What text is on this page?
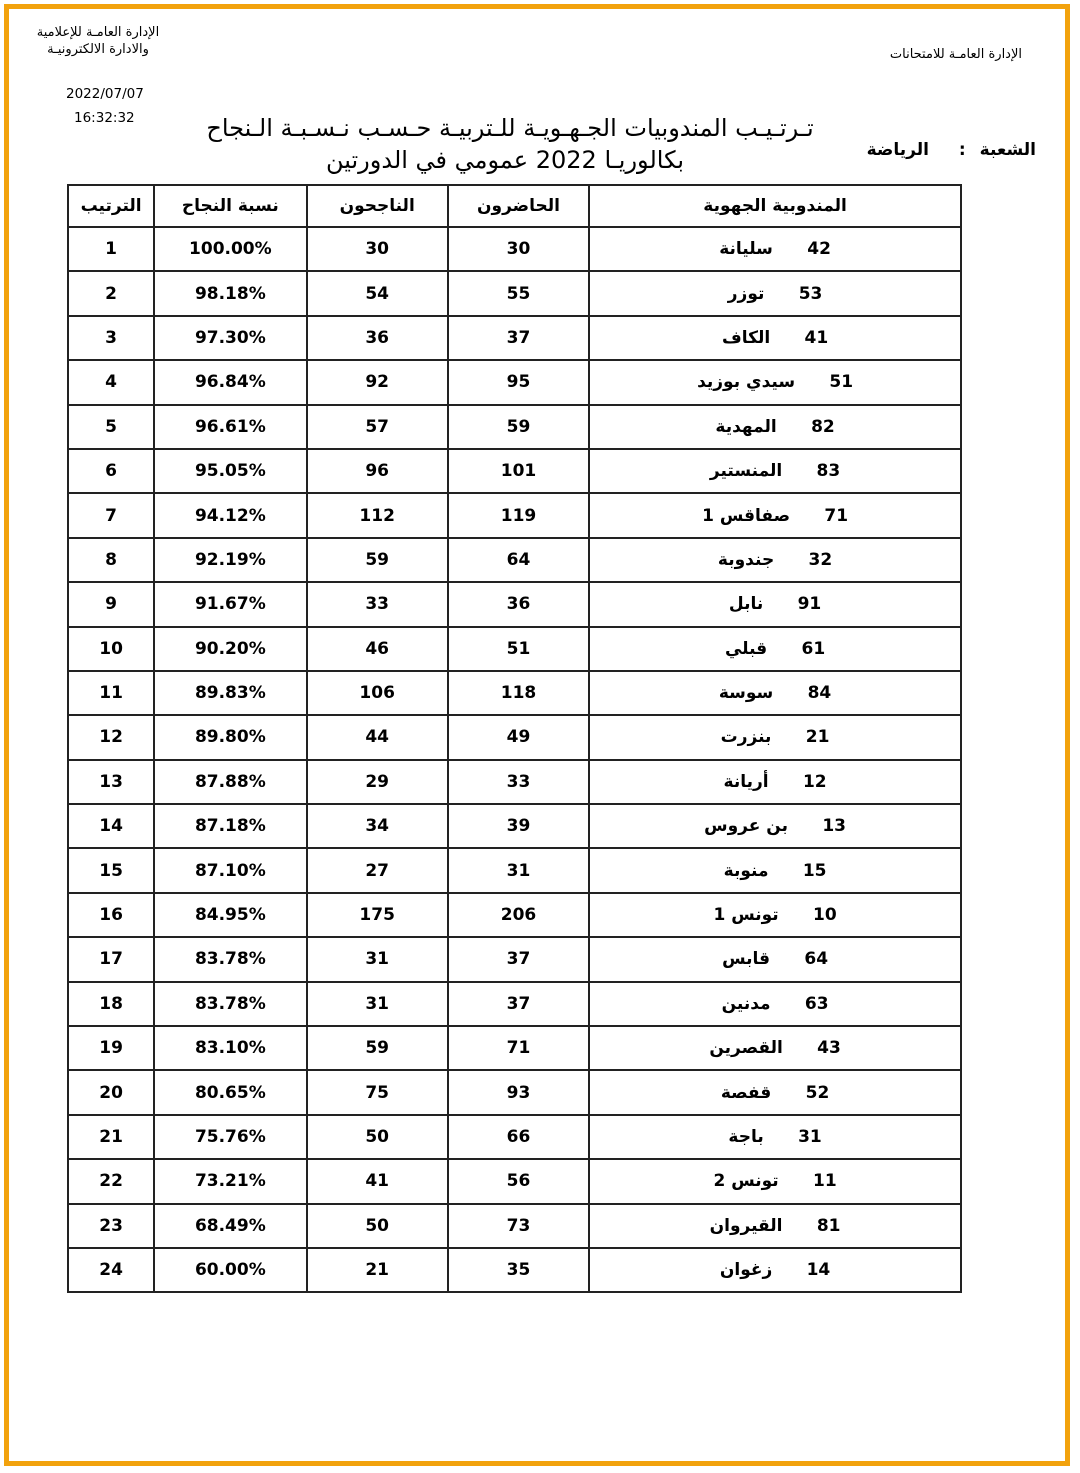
الإدارة العامـة للإعلامية
والادارة الالكترونيـة	الإدارة العامـة للامتحانات
2022/07/07
16:32:32	تـرتـيـب المندوبيات الجـهـويـة للـتربيـة حـسـب نـسـبـة الـنجاح
بكالوريـا 2022 عمومي في الدورتين	الشعبة: الرياضة
الترتيب	نسبة النجاح	الناجحون	الحاضرون	المندوبية الجهوية
1	100.00%	30	30	42سليانة
2	98.18%	54	55	53توزر
3	97.30%	36	37	41الكاف
4	96.84%	92	95	51سيدي بوزيد
5	96.61%	57	59	82المهدية
6	95.05%	96	101	83المنستير
7	94.12%	112	119	71صفاقس 1
8	92.19%	59	64	32جندوبة
9	91.67%	33	36	91نابل
10	90.20%	46	51	61قبلي
11	89.83%	106	118	84سوسة
12	89.80%	44	49	21بنزرت
13	87.88%	29	33	12أريانة
14	87.18%	34	39	13بن عروس
15	87.10%	27	31	15منوبة
16	84.95%	175	206	10تونس 1
17	83.78%	31	37	64قابس
18	83.78%	31	37	63مدنين
19	83.10%	59	71	43القصرين
20	80.65%	75	93	52قفصة
21	75.76%	50	66	31باجة
22	73.21%	41	56	11تونس 2
23	68.49%	50	73	81القيروان
24	60.00%	21	35	14زغوان
